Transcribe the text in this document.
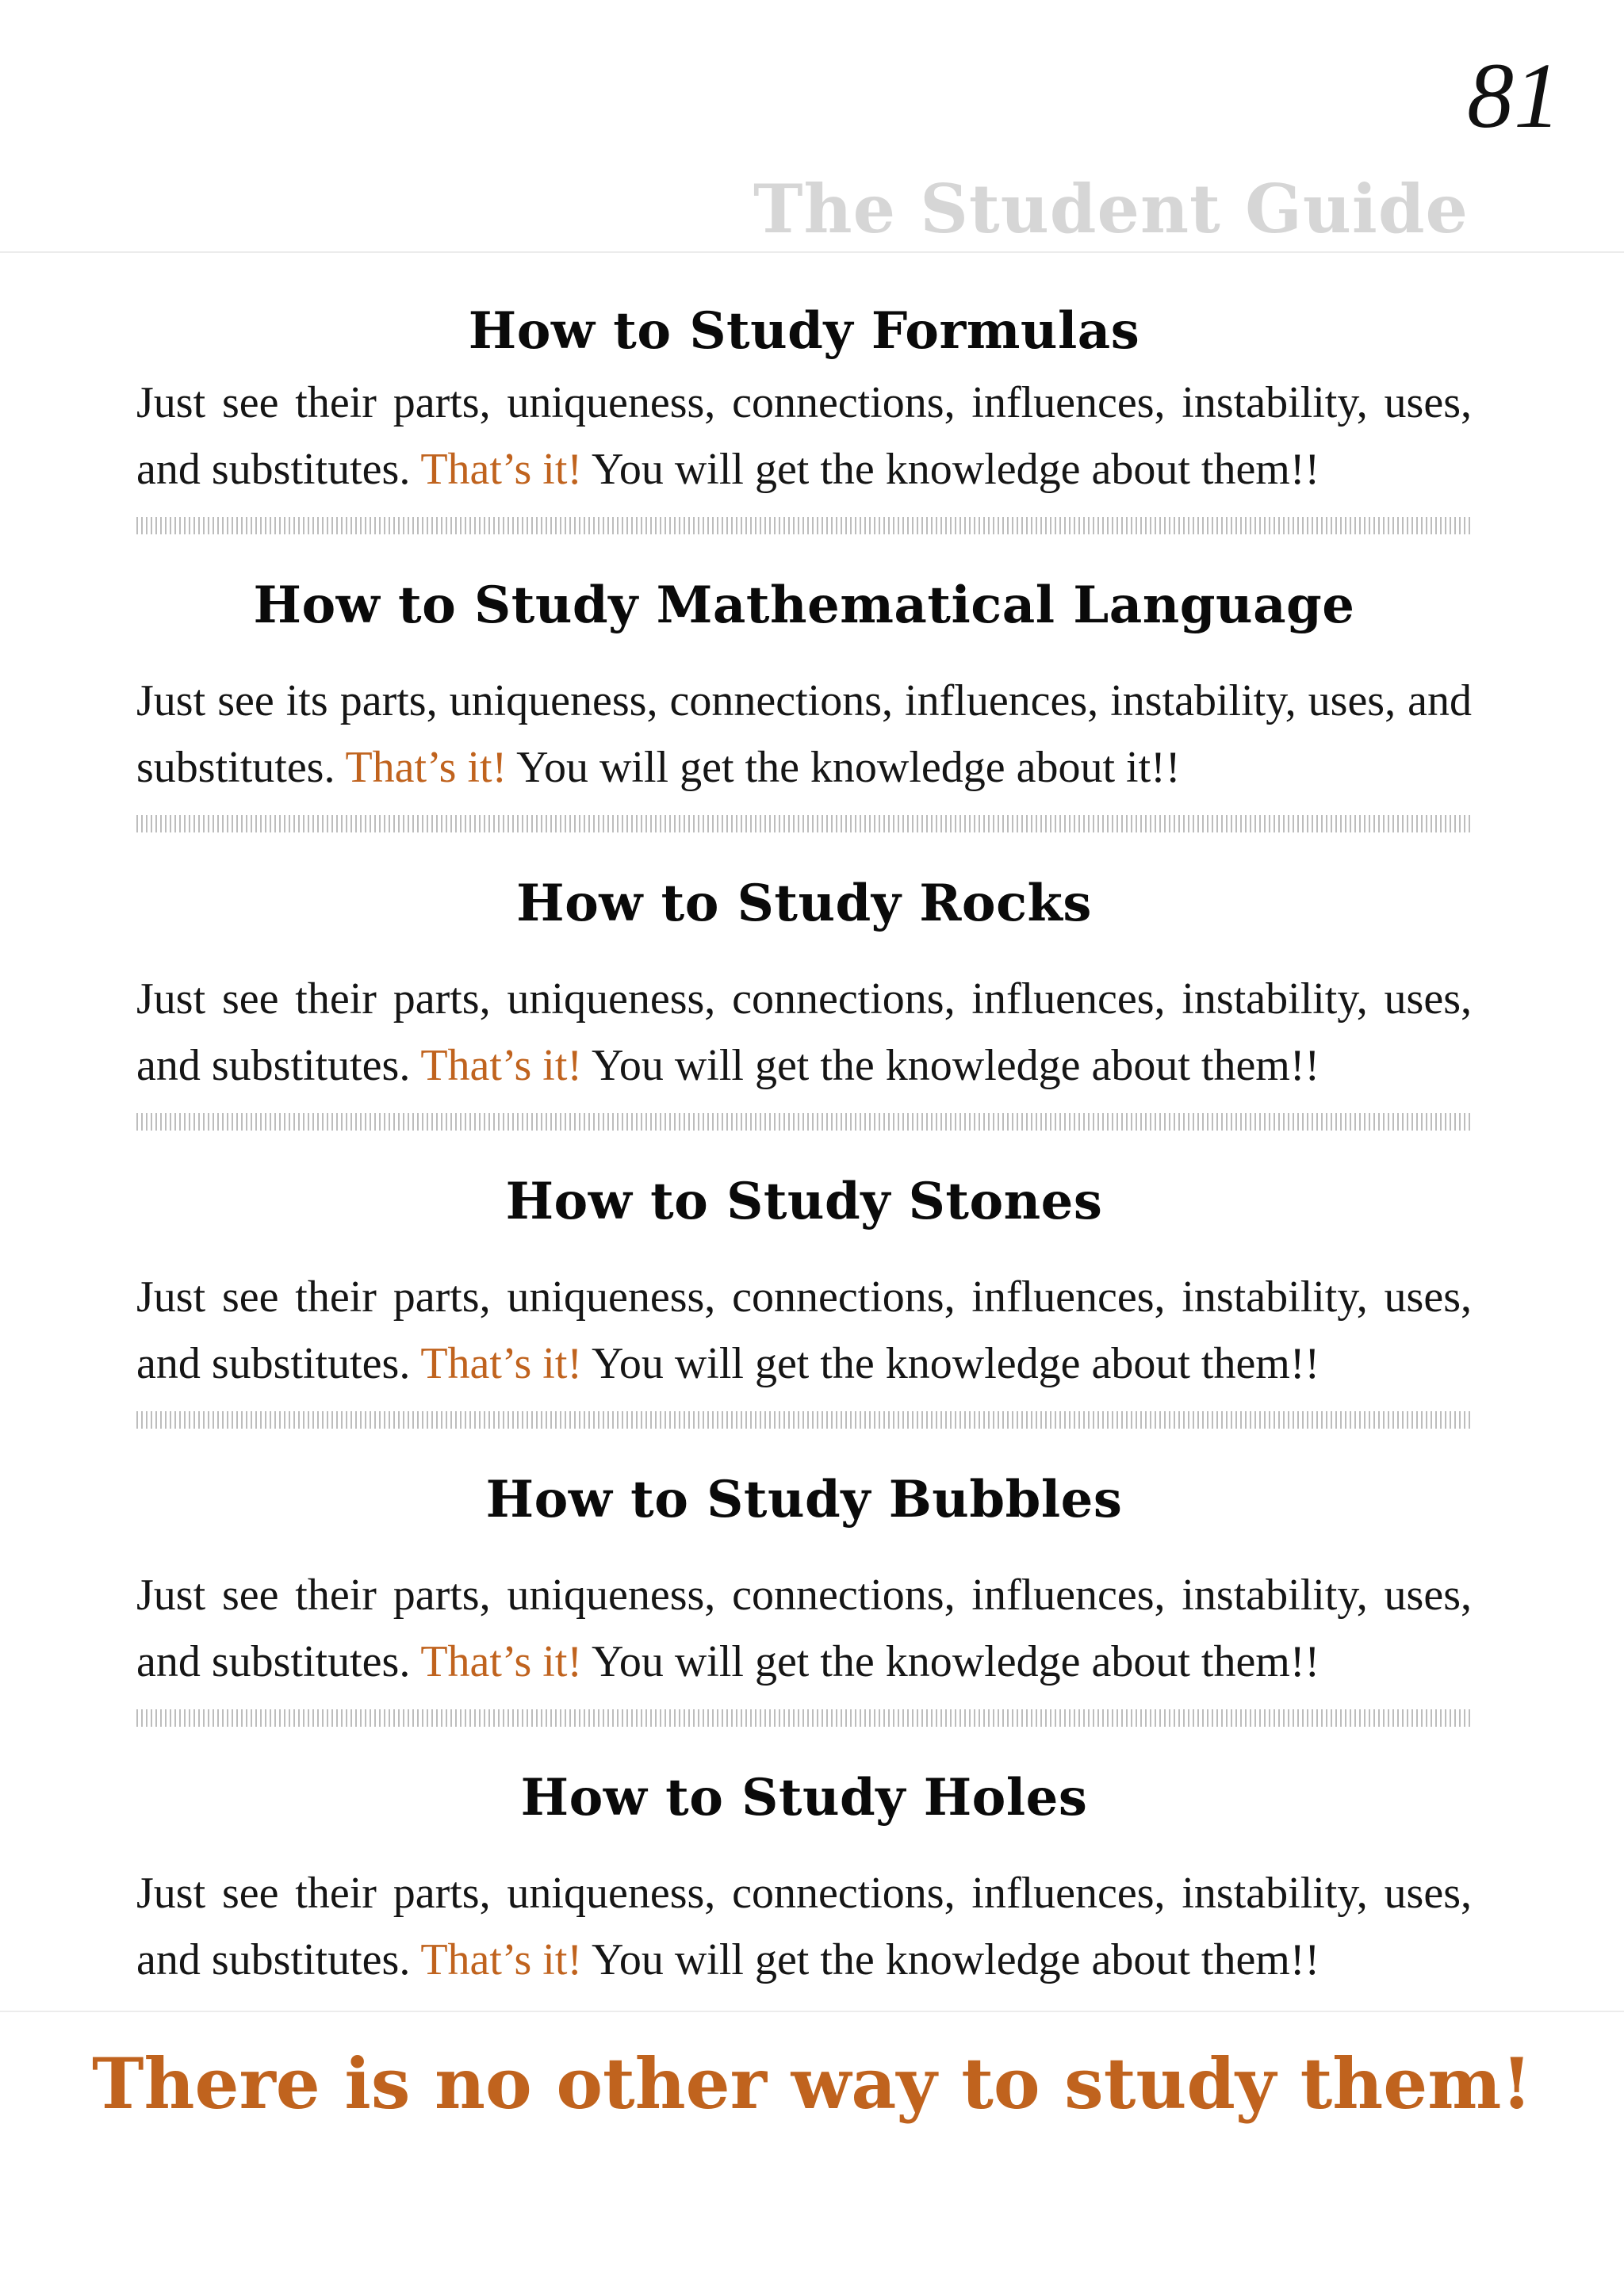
81
The Student Guide
How to Study Formulas

Just see their parts, uniqueness, connections, influences, instability, uses, and substitutes. That’s it! You will get the knowledge about them!!

How to Study Mathematical Language

Just see its parts, uniqueness, connections, influences, instability, uses, and substitutes. That’s it! You will get the knowledge about it!!

How to Study Rocks

Just see their parts, uniqueness, connections, influences, instability, uses, and substitutes. That’s it! You will get the knowledge about them!!

How to Study Stones

Just see their parts, uniqueness, connections, influences, instability, uses, and substitutes. That’s it! You will get the knowledge about them!!

How to Study Bubbles

Just see their parts, uniqueness, connections, influences, instability, uses, and substitutes. That’s it! You will get the knowledge about them!!

How to Study Holes

Just see their parts, uniqueness, connections, influences, instability, uses, and substitutes. That’s it! You will get the knowledge about them!!

There is no other way to study them!
